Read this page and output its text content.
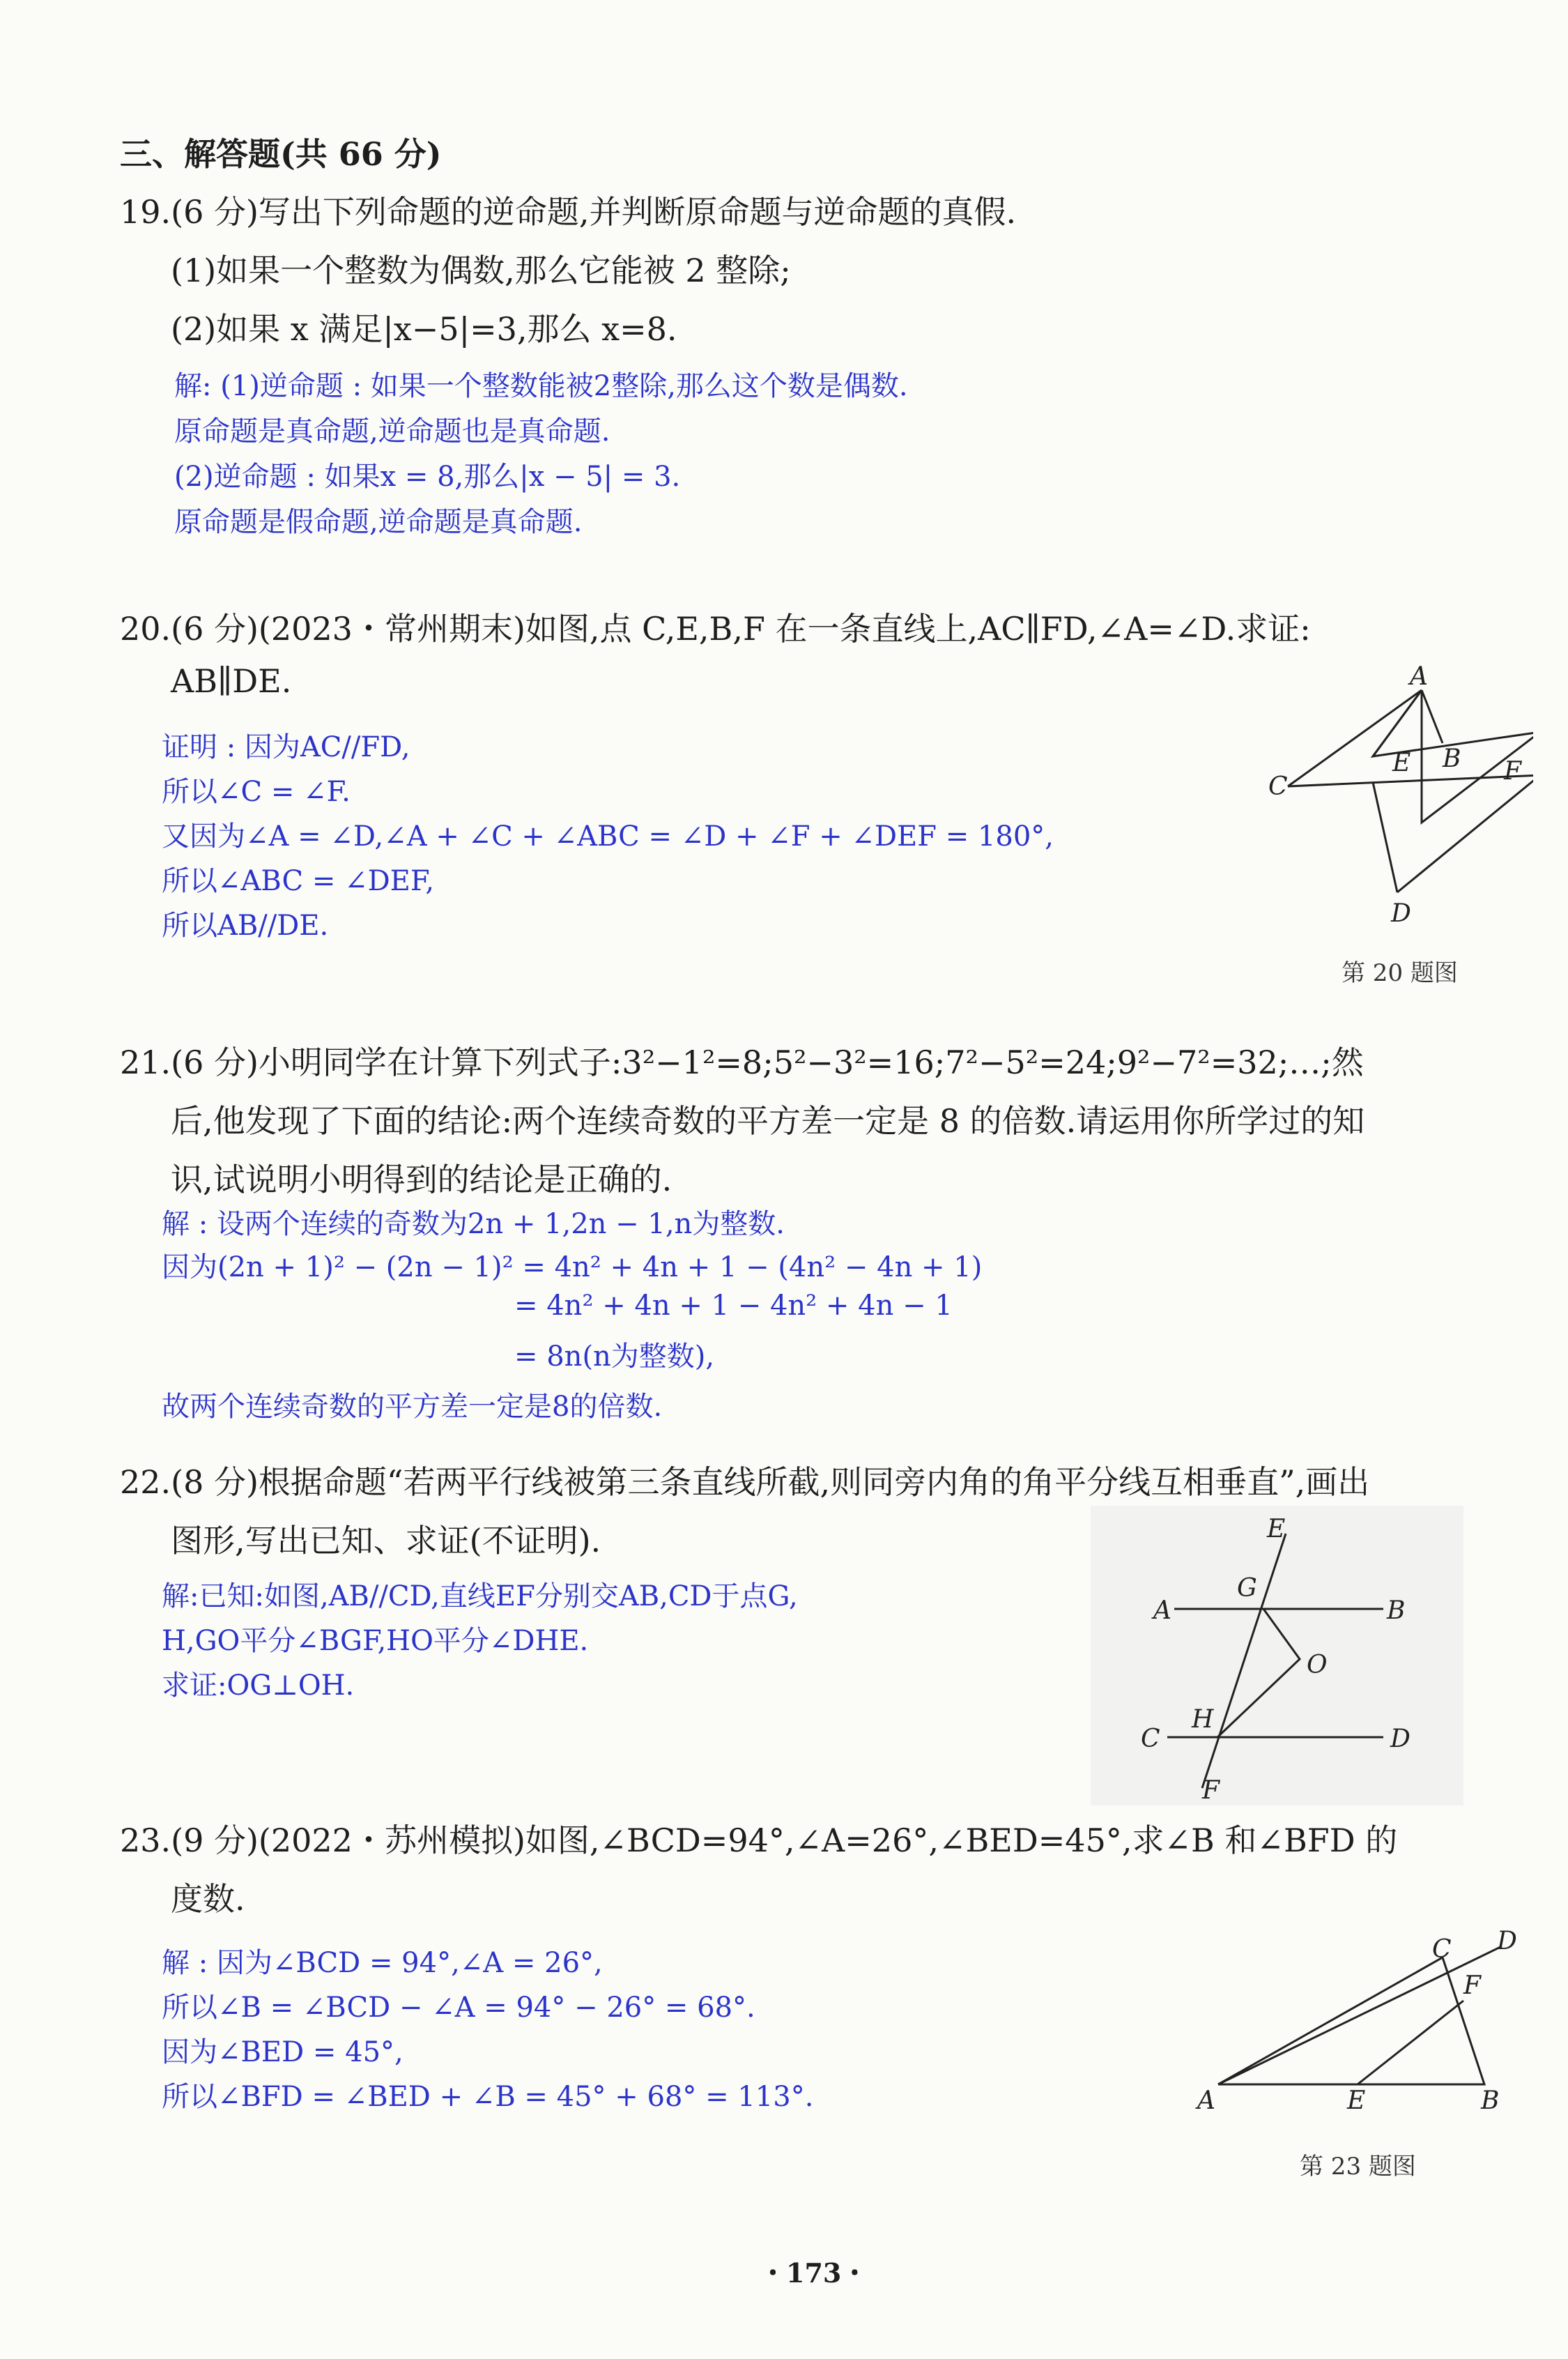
三、解答题(共 66 分)
19.(6 分)写出下列命题的逆命题,并判断原命题与逆命题的真假.
(1)如果一个整数为偶数,那么它能被 2 整除;
(2)如果 x 满足|x−5|=3,那么 x=8.
解: (1)逆命题 : 如果一个整数能被2整除,那么这个数是偶数.
原命题是真命题,逆命题也是真命题.
(2)逆命题 : 如果x = 8,那么|x − 5| = 3.
原命题是假命题,逆命题是真命题.
20.(6 分)(2023・常州期末)如图,点 C,E,B,F 在一条直线上,AC∥FD,∠A=∠D.求证:
AB∥DE.
证明 : 因为AC//FD,
所以∠C = ∠F.
又因为∠A = ∠D,∠A + ∠C + ∠ABC = ∠D + ∠F + ∠DEF = 180°,
所以∠ABC = ∠DEF,
所以AB//DE.
A
B
C
D
E	F
第 20 题图
21.(6 分)小明同学在计算下列式子:3²−1²=8;5²−3²=16;7²−5²=24;9²−7²=32;…;然
后,他发现了下面的结论:两个连续奇数的平方差一定是 8 的倍数.请运用你所学过的知
识,试说明小明得到的结论是正确的.
解 : 设两个连续的奇数为2n + 1,2n − 1,n为整数.
因为(2n + 1)² − (2n − 1)² = 4n² + 4n + 1 − (4n² − 4n + 1)
= 4n² + 4n + 1 − 4n² + 4n − 1
= 8n(n为整数),
故两个连续奇数的平方差一定是8的倍数.
22.(8 分)根据命题“若两平行线被第三条直线所截,则同旁内角的角平分线互相垂直”,画出
图形,写出已知、求证(不证明).
解:已知:如图,AB//CD,直线EF分别交AB,CD于点G,
H,GO平分∠BGF,HO平分∠DHE.
求证:OG⊥OH.
E
A
G
B
O
H
C	D
F
23.(9 分)(2022・苏州模拟)如图,∠BCD=94°,∠A=26°,∠BED=45°,求∠B 和∠BFD 的
度数.
解 : 因为∠BCD = 94°,∠A = 26°,
所以∠B = ∠BCD − ∠A = 94° − 26° = 68°.
因为∠BED = 45°,
所以∠BFD = ∠BED + ∠B = 45° + 68° = 113°.	A	E	B
C D
F
第 23 题图
・173・
